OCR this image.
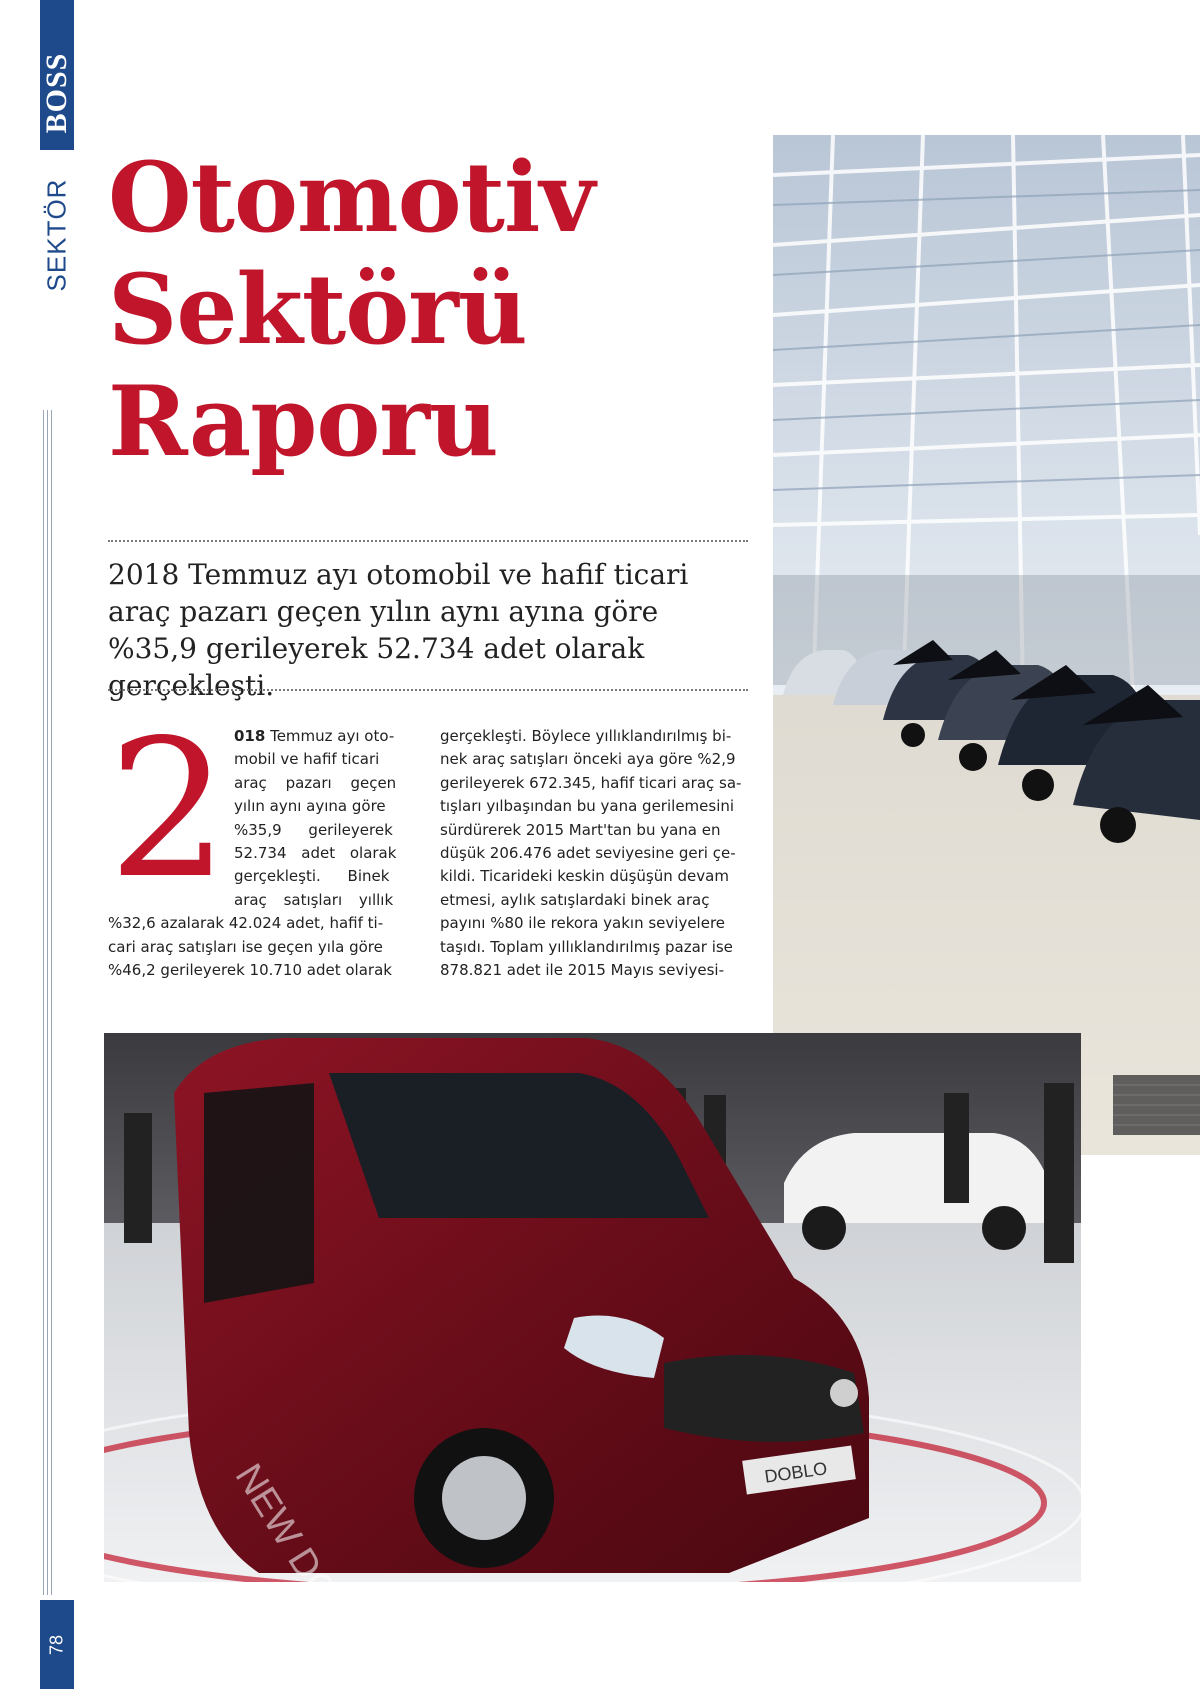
BOSS
SEKTÖR
78
Otomotiv
Sektörü
Raporu

2018 Temmuz ayı otomobil ve hafif ticari araç pazarı geçen yılın aynı ayına göre %35,9 gerileyerek 52.734 adet olarak gerçekleşti.

2 018 Temmuz ayı oto-
mobil ve hafif ticari
araç pazarı geçen
yılın aynı ayına göre
%35,9 gerileyerek
52.734 adet olarak
gerçekleşti. Binek
araç satışları yıllık
%32,6 azalarak 42.024 adet, hafif ti-
cari araç satışları ise geçen yıla göre
%46,2 gerileyerek 10.710 adet olarak
gerçekleşti. Böylece yıllıklandırılmış bi-
nek araç satışları önceki aya göre %2,9
gerileyerek 672.345, hafif ticari araç sa-
tışları yılbaşından bu yana gerilemesini
sürdürerek 2015 Mart'tan bu yana en
düşük 206.476 adet seviyesine geri çe-
kildi. Ticarideki keskin düşüşün devam
etmesi, aylık satışlardaki binek araç
payını %80 ile rekora yakın seviyelere
taşıdı. Toplam yıllıklandırılmış pazar ise
878.821 adet ile 2015 Mayıs seviyesi-
DOBLO
